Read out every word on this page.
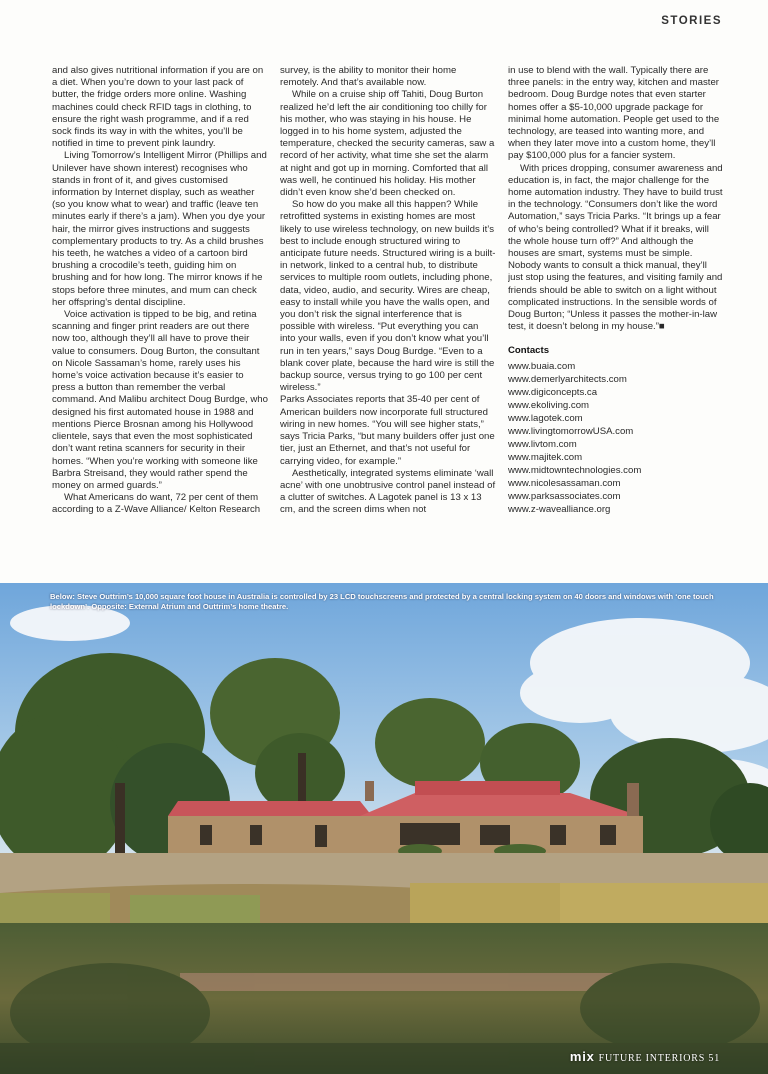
STORIES

and also gives nutritional information if you are on a diet. When you’re down to your last pack of butter, the fridge orders more online. Washing machines could check RFID tags in clothing, to ensure the right wash programme, and if a red sock finds its way in with the whites, you’ll be notified in time to prevent pink laundry.

Living Tomorrow’s Intelligent Mirror (Phillips and Unilever have shown interest) recognises who stands in front of it, and gives customised information by Internet display, such as weather (so you know what to wear) and traffic (leave ten minutes early if there’s a jam). When you dye your hair, the mirror gives instructions and suggests complementary products to try. As a child brushes his teeth, he watches a video of a cartoon bird brushing a crocodile’s teeth, guiding him on brushing and for how long. The mirror knows if he stops before three minutes, and mum can check her offspring’s dental discipline.

Voice activation is tipped to be big, and retina scanning and finger print readers are out there now too, although they’ll all have to prove their value to consumers. Doug Burton, the consultant on Nicole Sassaman’s home, rarely uses his home’s voice activation because it’s easier to press a button than remember the verbal command. And Malibu architect Doug Burdge, who designed his first automated house in 1988 and mentions Pierce Brosnan among his Hollywood clientele, says that even the most sophisticated don’t want retina scanners for security in their homes. “When you’re working with someone like Barbra Streisand, they would rather spend the money on armed guards.”

What Americans do want, 72 per cent of them according to a Z-Wave Alliance/ Kelton Research

survey, is the ability to monitor their home remotely. And that’s available now.

While on a cruise ship off Tahiti, Doug Burton realized he’d left the air conditioning too chilly for his mother, who was staying in his house. He logged in to his home system, adjusted the temperature, checked the security cameras, saw a record of her activity, what time she set the alarm at night and got up in morning. Comforted that all was well, he continued his holiday. His mother didn’t even know she’d been checked on.

So how do you make all this happen? While retrofitted systems in existing homes are most likely to use wireless technology, on new builds it’s best to include enough structured wiring to anticipate future needs. Structured wiring is a built-in network, linked to a central hub, to distribute services to multiple room outlets, including phone, data, video, audio, and security. Wires are cheap, easy to install while you have the walls open, and you don’t risk the signal interference that is possible with wireless. “Put everything you can into your walls, even if you don’t know what you’ll run in ten years,” says Doug Burdge. “Even to a blank cover plate, because the hard wire is still the backup source, versus trying to go 100 per cent wireless.”

Parks Associates reports that 35-40 per cent of American builders now incorporate full structured wiring in new homes. “You will see higher stats,” says Tricia Parks, “but many builders offer just one tier, just an Ethernet, and that’s not useful for carrying video, for example.”

Aesthetically, integrated systems eliminate ‘wall acne’ with one unobtrusive control panel instead of a clutter of switches. A Lagotek panel is 13 x 13 cm, and the screen dims when not

in use to blend with the wall. Typically there are three panels: in the entry way, kitchen and master bedroom. Doug Burdge notes that even starter homes offer a $5-10,000 upgrade package for minimal home automation. People get used to the technology, are teased into wanting more, and when they later move into a custom home, they’ll pay $100,000 plus for a fancier system.

With prices dropping, consumer awareness and education is, in fact, the major challenge for the home automation industry. They have to build trust in the technology. “Consumers don’t like the word Automation,” says Tricia Parks. “It brings up a fear of who’s being controlled? What if it breaks, will the whole house turn off?” And although the houses are smart, systems must be simple. Nobody wants to consult a thick manual, they’ll just stop using the features, and visiting family and friends should be able to switch on a light without complicated instructions. In the sensible words of Doug Burton; “Unless it passes the mother-in-law test, it doesn’t belong in my house.”■

Contacts
www.buaia.com
www.demerlyarchitects.com
www.digiconcepts.ca
www.ekoliving.com
www.lagotek.com
www.livingtomorrowUSA.com
www.livtom.com
www.majitek.com
www.midtowntechnologies.com
www.nicolesassaman.com
www.parksassociates.com
www.z-wavealliance.org
Below: Steve Outtrim’s 10,000 square foot house in Australia is controlled by 23 LCD touchscreens and protected by a central locking system on 40 doors and windows with ‘one touch lockdown’. Opposite: External Atrium and Outtrim’s home theatre.
mix FUTURE INTERIORS 51
